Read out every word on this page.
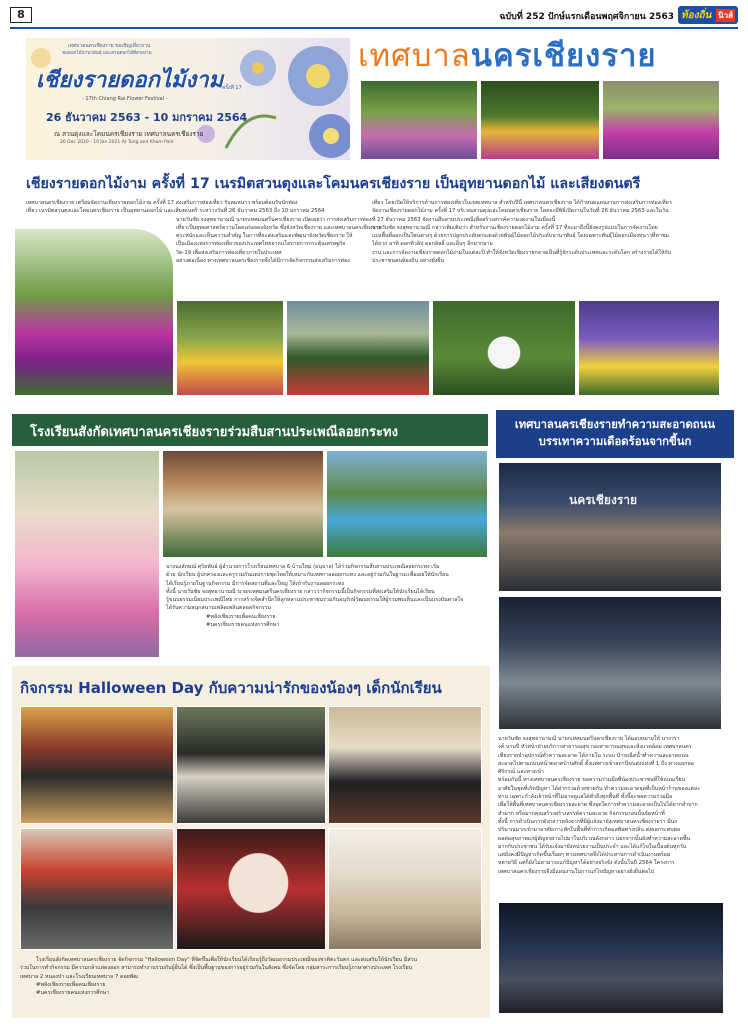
8	ฉบับที่ 252 ปักษ์แรกเดือนพฤศจิกายน 2563 ท้องถิ่น นิวส์
เทศบาลนครเชียงราย ขอเชิญเที่ยวงาน
ชมดอกไม้นานาพันธุ์ และสวนดอกไม้ที่สวยงาม
เชียงรายดอกไม้งาม
ครั้งที่ 17
- 17th Chiang Rai Flower Festival -
26 ธันวาคม 2563 - 10 มกราคม 2564
ณ สวนตุงและโคมนครเชียงราย เทศบาลนครเชียงราย
26 Dec 2020 - 10 Jan 2021 At Tung and Khom Park
เทศบาลนครเชียงราย
เชียงรายดอกไม้งาม ครั้งที่ 17 เนรมิตสวนตุงและโคมนครเชียงราย เป็นอุทยานดอกไม้ และเสียงดนตรี
เทศบาลนครเชียงราย เตรียมจัดงานเชียงรายดอกไม้งาม ครั้งที่ 17 ส่งเสริมการท่องเที่ยว รับลมหนาว พร้อมต้อนรับนักท่อง
เที่ยว เนรมิตสวนตุงและโคมนครเชียงราย เป็นอุทยานดอกไม้ และเสียงดนตรี ระหว่างวันที่ 26 ธันวาคม 2563 ถึง 10 มกราคม 2564
นายวันชัย จงสุทธานามณี นายกเทศมนตรีนครเชียงราย เปิดเผยว่า การส่งเสริมการท่อง
เที่ยวเป็นยุทธศาสตร์ความโดดเด่นของจังหวัด ซึ่งจังหวัดเชียงราย และเทศบาลนครเชียงราย
ตระหนักและเห็นความสำคัญ ในการที่จะส่งเสริมและพัฒนาจังหวัดเชียงราย ให้
เป็นเมืองแห่งการท่องเที่ยวของประเทศไทยจากนโยบายการกระตุ้นเศรษฐกิจ
วิด-19 เพื่อส่งเสริมการท่องเที่ยวภายในประเทศ
อย่างต่อเนื่อง ทางเทศบาลนครเชียงรายจึงได้มีการจัดกิจกรรมส่งเสริมการท่อง
เที่ยว โดยเปิดให้บริการด้านการท่องเที่ยวในเขตเทศบาล สำหรับปีนี้ เทศบาลนครเชียงราย ได้กำหนดแผนงานการส่งเสริมการท่องเที่ยว
จัดงานเชียงรายดอกไม้งาม ครั้งที่ 17 บริเวณสวนตุงและโคมนครเชียงราย โดยจะมีพิธีเปิดงานในวันที่ 26 ธันวาคม 2563 และในวัน
ที่ 27 ธันวาคม 2563 จัดงานสืบสานประเพณีเพื่อสร้างสรรค์ความงดงามในเมืองนี้
นายวันชัย จงสุทธานามณี กล่าวเพิ่มเติมว่า สำหรับงานเชียงรายดอกไม้งาม ครั้งที่ 17 ที่จะมาถึงนี้ยังคงรูปแบบในการจัดงานโดย
แบ่งพื้นที่ออกเป็นโซนต่างๆ ด้วยการปลูกประดับตกแต่งด้วยพันธุ์ไม้ดอกไม้ประดับนานาพันธุ์ โดยเฉพาะพันธุ์ไม้ดอกเมืองหนาวที่หาชม
ได้ยาก อาทิ ดอกทิวลิป ดอกลิลลี่ และอื่นๆ อีกมากมาย
งาน และการจัดงานเชียงรายดอกไม้งามในแต่ละปี ทำให้จังหวัดเชียงรายกลายเป็นที่รู้จักระดับประเทศและระดับโลก สร้างรายได้ให้กับ
ประชาชนคนท้องถิ่น อย่างยั่งยืน
โรงเรียนสังกัดเทศบาลนครเชียงรายร่วมสืบสานประเพณีลอยกระทง
นางนงลักษณ์ ศุริยพันธ์ ผู้อำนวยการโรงเรียนเทศบาล 6 บ้านใหม่ (อนุบาล) ได้ร่วมกิจกรรมสืบสานประเพณีลอยกระทง เริ่ม
ด้วย นักเรียน ผู้ปกครองและครูร่วมกันแต่งกายชุดไทยให้เหมาะกับเทศกาลลอยกระทง และอยู่ร่วมกันในฐานะเพื่อเผยให้นักเรียน
ได้เรียนรู้ภายในฐานกิจกรรม มีการจัดสถานที่และใหญ่ ให้เข้ากับงานลอยกระทง
ทั้งนี้ นายวันชัย จงสุทธานามณี นายกเทศมนตรีนครเชียงราย กล่าวว่ากิจกรรมนี้เป็นกิจกรรมที่ส่งเสริมให้นักเรียนได้เรียน
รู้ขนบธรรมเนียมประเพณีไทย การสร้างจิตสำนึกให้ลูกหลานประชาชนร่วมกันอนุรักษ์วัฒนธรรมให้ผู้ร่วมพบเห็นและเป็นแรงบันดาลใจ
ได้รับความสนุกสนานเพลิดเพลินตลอดกิจกรรม
#พลังเชียงรายเพื่อคนเชียงราย
#นครเชียงรายคนแห่งการศึกษา
เทศบาลนครเชียงรายทำความสะอาดถนน บรรเทาความเดือดร้อนจากขี้นก
นครเชียงราย
นายวันชัย จงสุทธานามณี นายกเทศมนตรีนครเชียงราย ได้มอบหมายให้ นางวรา
งค์ นามปี หัวหน้าฝ่ายบริการสาธารณสุข กองสาธารณสุขและสิ่งแวดล้อม เทศบาลนคร
เชียงรายนำอุปกรณ์ทำความสะอาด ได้ภายใน ระบบ นำรถฉีดน้ำทำความสะอาดถนน
สะอาดไปตามถนนหน้าตลาดบ้านศักดิ์ ตั้งแต่ทางเข้าสถานีขนส่งแห่งที่ 1 ถึง ทางแยกหอ
ศิริกรณ์ และทางเข้า
พร้อมกันนี้ ทางเทศบาลนครเชียงราย ขอความร่วมมือพี่น้องประชาชนที่ใช้ถนนเรียน
อาศัยในชุดที่เกิดปัญหา ได้ฝากร่วมด้วยช่วยกัน ทำความสะอาดจุดที่เป็นหน้าร้านของแต่ละ
ท่าน เฉพาะกำลังเจ้าหน้าที่ไม่อาจดูแลได้ทั่วถึงทุกพื้นที่ ทั้งนี้จะขอความร่วมมือ
เพื่อให้พื้นที่เทศบาลนครเชียงรายสะอาด ซึ่งจุดใดการทำความสะอาดเป็นไปได้ยากลำบาก
สำมาก หรือมากคุณสร้างสร้างสรรค์ความสะอาด กิจกรรมรอบนั้นจัดหน้าที่
ทั้งนี้ การดำเนินการดังกล่าวหลังจากที่มีผู้แจ้งมายังเทศบาลนครเชียงรายว่า มีนก
ปริมาณมากเข้ามาอาศัยเกาะพักในพื้นที่ทำการเกิดมลพิษทางกลิ่น ส่งผลกระทบต่อ
ผลต่อสุขภาพแก่ผู้สัญจรผ่านไปมาในบริเวณดังกล่าว นอกจากนั้นยังทำความสะอาดพื้น
มากกับประชาชน ได้รับแจ้งมายังหน่วยงานเป็นประจำ และได้แก้ไขในเบื้องต้นทุกวัน
แต่ยังคงมีปัญหาเกิดขึ้นเรื่อยๆ ทางเทศบาลจึงได้ประสานการดำเนินงานพร้อม
หลายวิธี แต่ก็ยังไม่สามารถแก้ปัญหาได้อย่างจริงจัง ดังนั้นในปี 2564 โครงการ
เทศบาลนครเชียงรายจึงมีแผนงานในการแก้ไขปัญหาอย่างยั่งยืนต่อไป
กิจกรรม Halloween Day กับความน่ารักของน้องๆ เด็กนักเรียน
โรงเรียนสังกัดเทศบาลนครเชียงราย จัดกิจกรรม "Halloween Day" ที่จัดขึ้นเพื่อให้นักเรียนได้เรียนรู้ถึงวัฒนธรรมประเพณีของชาติตะวันตก และส่งเสริมให้นักเรียน มีส่วน
ร่วมในการทำกิจกรรม มีความกล้าแสดงออก สามารถทำงานร่วมกับผู้อื่นได้ ซึ่งเป็นพื้นฐานของการอยู่ร่วมกันในสังคม ซึ่งจัดโดย กลุ่มสาระการเรียนรู้ภาษาต่างประเทศ โรงเรียน
เทศบาล 2 หนองป่า และโรงเรียนเทศบาล 7 ดอยพัฒ
#พลังเชียงรายเพื่อคนเชียงราย
#นครเชียงรายคนแห่งการศึกษา
